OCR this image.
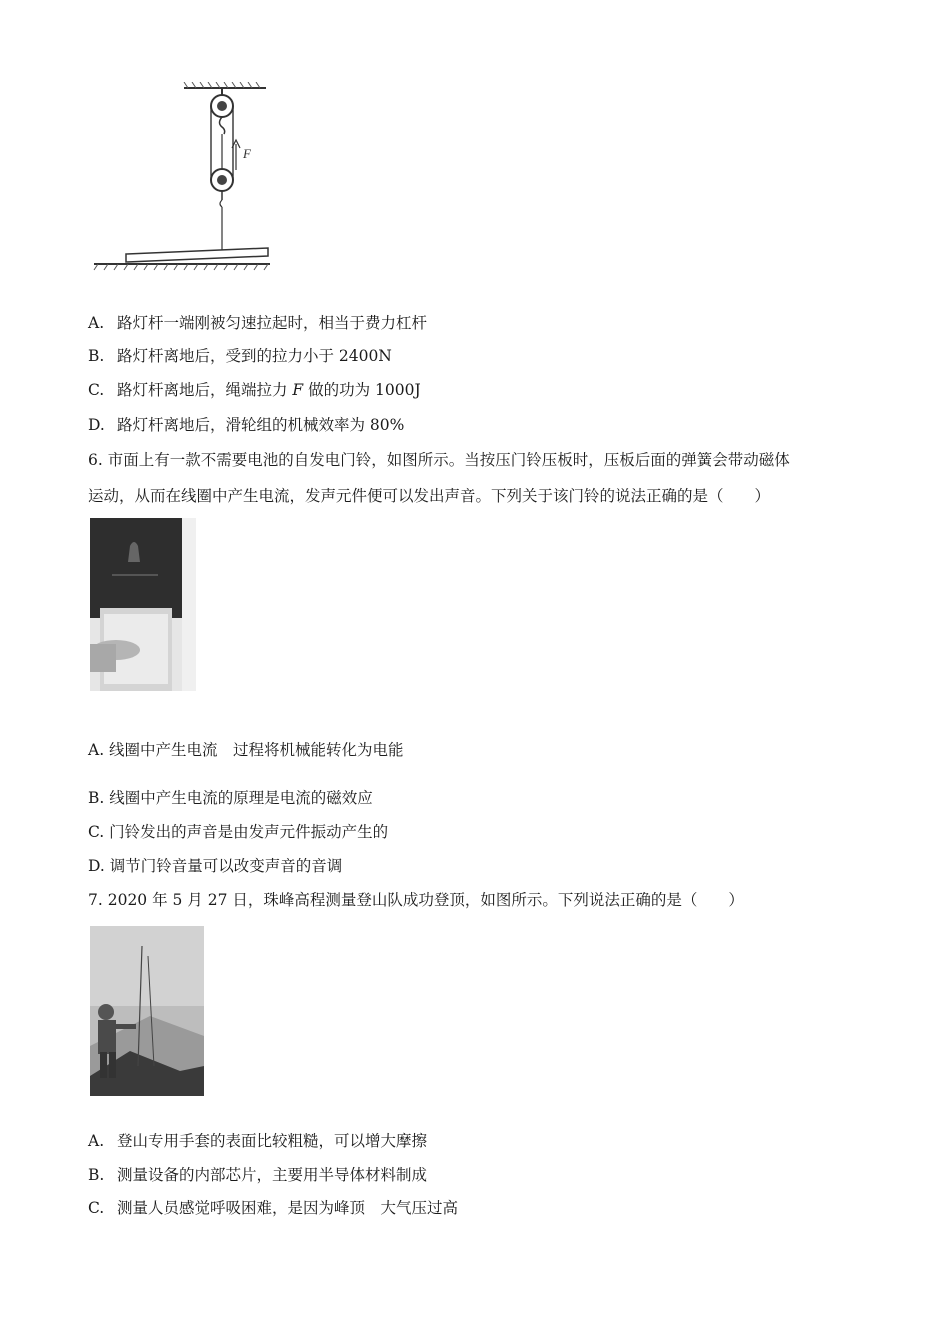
F
A. 路灯杆一端刚被匀速拉起时，相当于费力杠杆
B. 路灯杆离地后，受到的拉力小于 2400N
C. 路灯杆离地后，绳端拉力 F 做的功为 1000J
D. 路灯杆离地后，滑轮组的机械效率为 80%
6. 市面上有一款不需要电池的自发电门铃，如图所示。当按压门铃压板时，压板后面的弹簧会带动磁体
运动，从而在线圈中产生电流，发声元件便可以发出声音。下列关于该门铃的说法正确的是（　　）
A. 线圈中产生电流　过程将机械能转化为电能
B. 线圈中产生电流的原理是电流的磁效应
C. 门铃发出的声音是由发声元件振动产生的
D. 调节门铃音量可以改变声音的音调
7. 2020 年 5 月 27 日，珠峰高程测量登山队成功登顶，如图所示。下列说法正确的是（　　）
A. 登山专用手套的表面比较粗糙，可以增大摩擦
B. 测量设备的内部芯片，主要用半导体材料制成
C. 测量人员感觉呼吸困难，是因为峰顶　大气压过高
